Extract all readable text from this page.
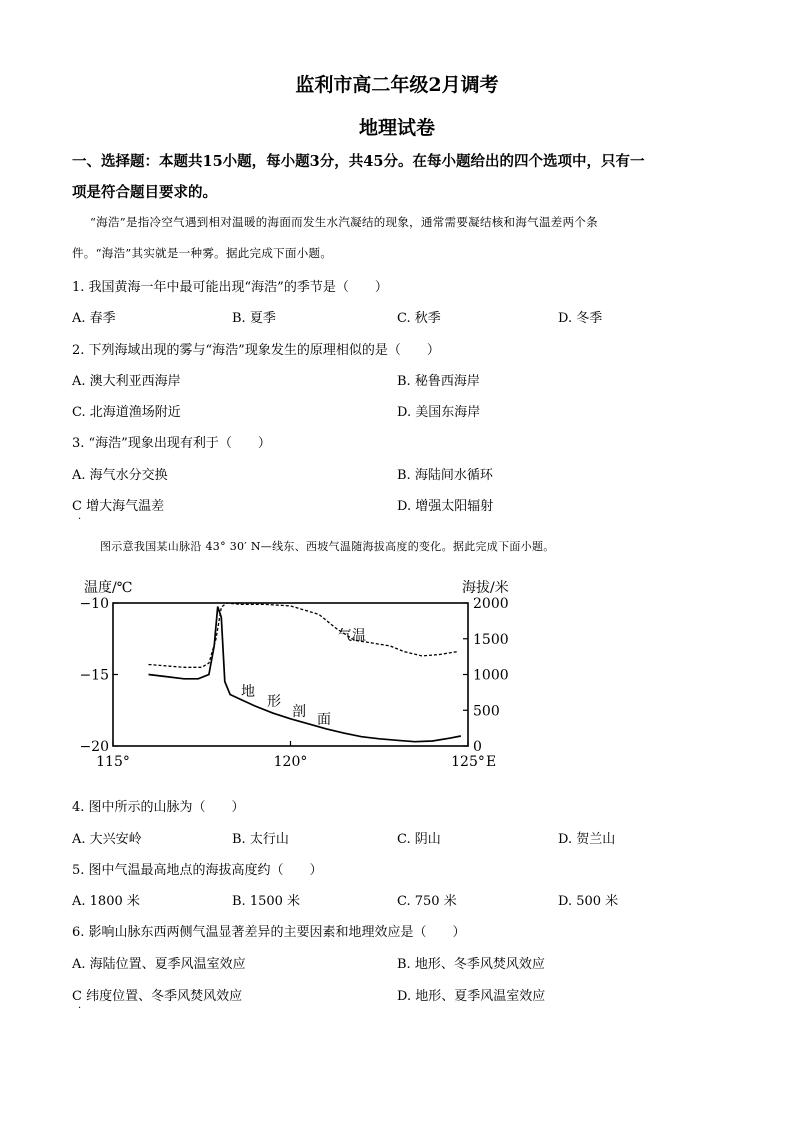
监利市高二年级2月调考
地理试卷
一、选择题：本题共15小题，每小题3分，共45分。在每小题给出的四个选项中，只有一
项是符合题目要求的。
“海浩”是指冷空气遇到相对温暖的海面而发生水汽凝结的现象，通常需要凝结核和海气温差两个条
件。“海浩”其实就是一种雾。据此完成下面小题。
1. 我国黄海一年中最可能出现“海浩”的季节是（　　）
A. 春季	B. 夏季	C. 秋季	D. 冬季
2. 下列海域出现的雾与“海浩”现象发生的原理相似的是（　　）
A. 澳大利亚西海岸	B. 秘鲁西海岸
C. 北海道渔场附近	D. 美国东海岸
3. “海浩”现象出现有利于（　　）
A. 海气水分交换	B. 海陆间水循环
C 增大海气温差	D. 增强太阳辐射
·
图示意我国某山脉沿 43° 30′ N—线东、西坡气温随海拔高度的变化。据此完成下面小题。
温度/℃	海拔/米
−10
−15
−20
2000
1500
1000
500
0
115°	120°	125° E
气温
地
形
剖 面
4. 图中所示的山脉为（　　）
A. 大兴安岭	B. 太行山	C. 阴山	D. 贺兰山
5. 图中气温最高地点的海拔高度约（　　）
A. 1800 米	B. 1500 米	C. 750 米	D. 500 米
6. 影响山脉东西两侧气温显著差异的主要因素和地理效应是（　　）
A. 海陆位置、夏季风温室效应	B. 地形、冬季风焚风效应
C 纬度位置、冬季风焚风效应	D. 地形、夏季风温室效应
·
